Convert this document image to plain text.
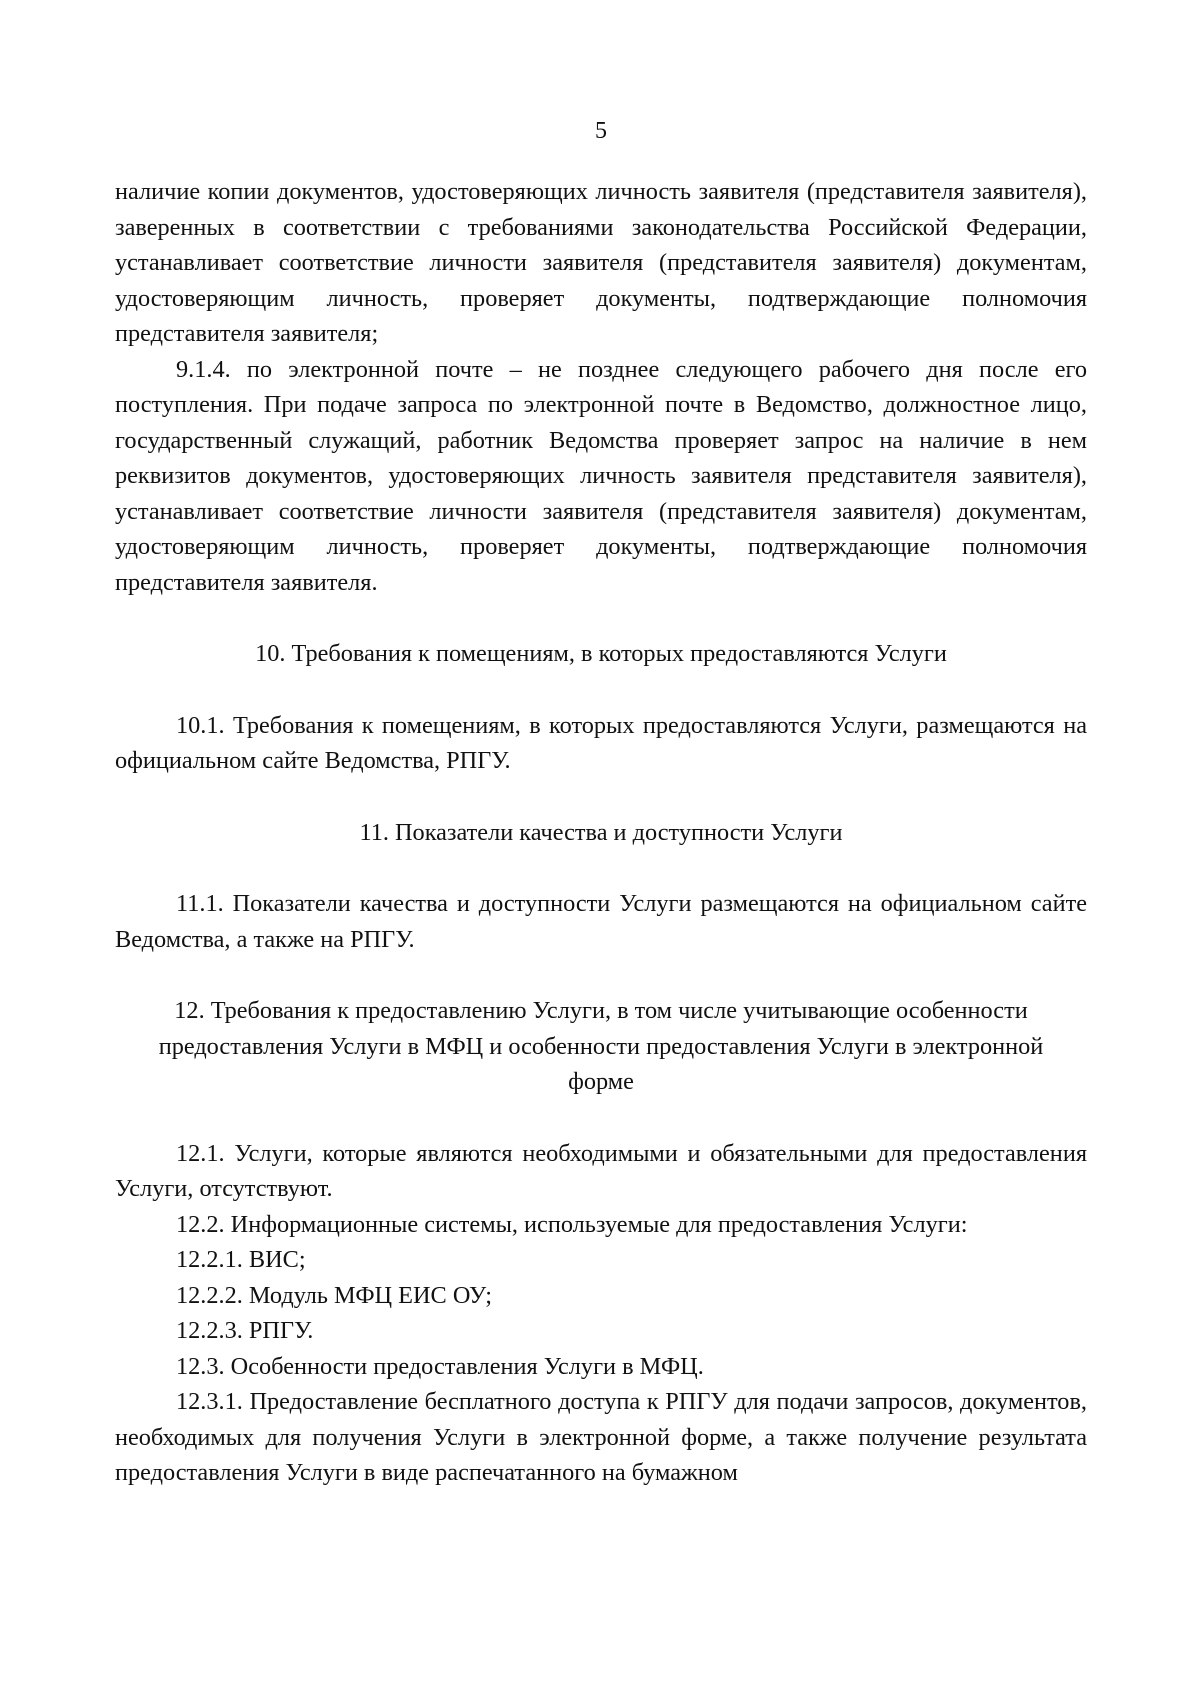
5

наличие копии документов, удостоверяющих личность заявителя (представителя заявителя), заверенных в соответствии с требованиями законодательства Российской Федерации, устанавливает соответствие личности заявителя (представителя заявителя) документам, удостоверяющим личность, проверяет документы, подтверждающие полномочия представителя заявителя;

9.1.4. по электронной почте – не позднее следующего рабочего дня после его поступления. При подаче запроса по электронной почте в Ведомство, должностное лицо, государственный служащий, работник Ведомства проверяет запрос на наличие в нем реквизитов документов, удостоверяющих личность заявителя представителя заявителя), устанавливает соответствие личности заявителя (представителя заявителя) документам, удостоверяющим личность, проверяет документы, подтверждающие полномочия представителя заявителя.

10. Требования к помещениям, в которых предоставляются Услуги

10.1. Требования к помещениям, в которых предоставляются Услуги, размещаются на официальном сайте Ведомства, РПГУ.

11. Показатели качества и доступности Услуги

11.1. Показатели качества и доступности Услуги размещаются на официальном сайте Ведомства, а также на РПГУ.

12. Требования к предоставлению Услуги, в том числе учитывающие особенности предоставления Услуги в МФЦ и особенности предоставления Услуги в электронной форме

12.1. Услуги, которые являются необходимыми и обязательными для предоставления Услуги, отсутствуют.

12.2. Информационные системы, используемые для предоставления Услуги:

12.2.1. ВИС;

12.2.2. Модуль МФЦ ЕИС ОУ;

12.2.3. РПГУ.

12.3. Особенности предоставления Услуги в МФЦ.

12.3.1. Предоставление бесплатного доступа к РПГУ для подачи запросов, документов, необходимых для получения Услуги в электронной форме, а также получение результата предоставления Услуги в виде распечатанного на бумажном
